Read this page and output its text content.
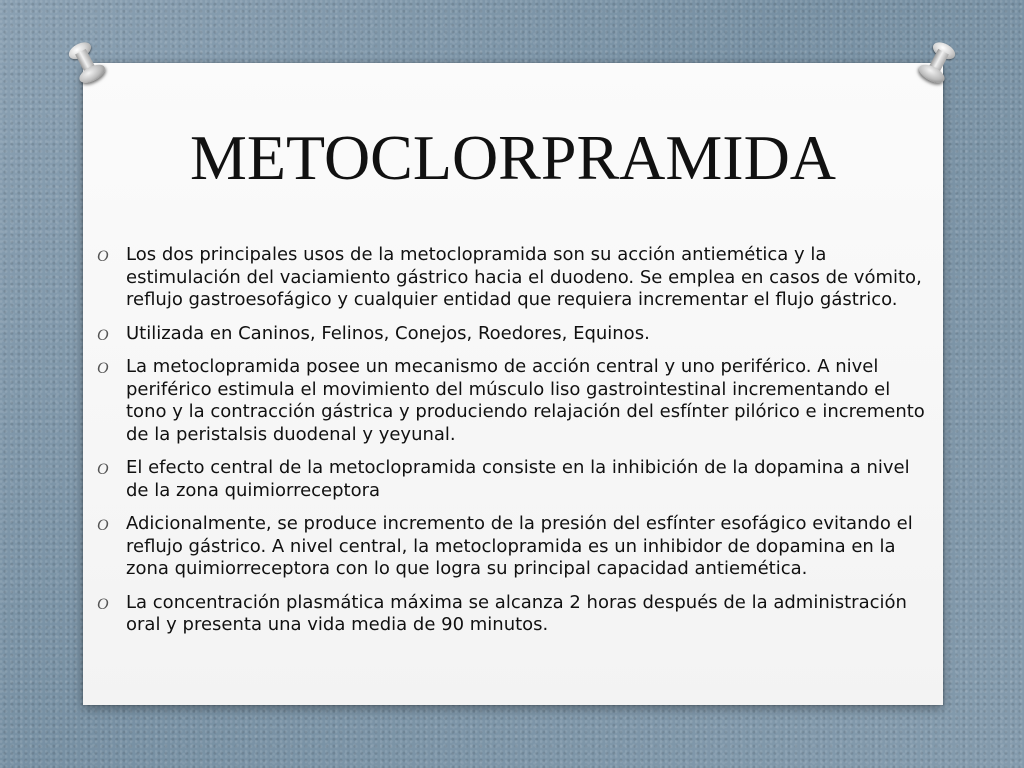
METOCLORPRAMIDA
O Los dos principales usos de la metoclopramida son su acción antiemética y la estimulación del vaciamiento gástrico hacia el duodeno. Se emplea en casos de vómito, reflujo gastroesofágico y cualquier entidad que requiera incrementar el flujo gástrico.
O Utilizada en Caninos, Felinos, Conejos, Roedores, Equinos.
O La metoclopramida posee un mecanismo de acción central y uno periférico. A nivel periférico estimula el movimiento del músculo liso gastrointestinal incrementando el tono y la contracción gástrica y produciendo relajación del esfínter pilórico e incremento de la peristalsis duodenal y yeyunal.
O El efecto central de la metoclopramida consiste en la inhibición de la dopamina a nivel de la zona quimiorreceptora
O Adicionalmente, se produce incremento de la presión del esfínter esofágico evitando el reflujo gástrico. A nivel central, la metoclopramida es un inhibidor de dopamina en la zona quimiorreceptora con lo que logra su principal capacidad antiemética.
O La concentración plasmática máxima se alcanza 2 horas después de la administración oral y presenta una vida media de 90 minutos.
